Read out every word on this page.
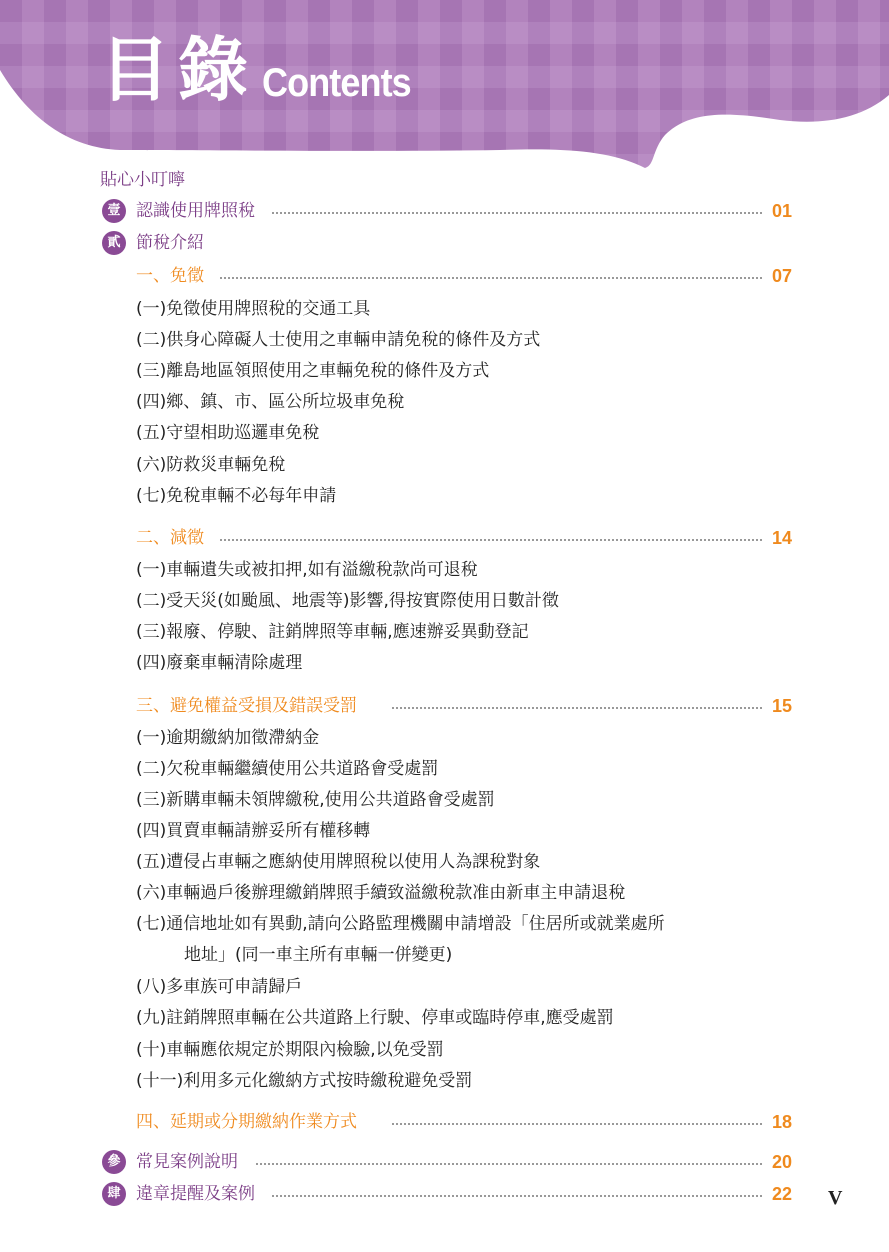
目錄 Contents
貼心小叮嚀
壹 認識使用牌照稅	01
貳 節稅介紹
一、免徵	07
(一)免徵使用牌照稅的交通工具
(二)供身心障礙人士使用之車輛申請免稅的條件及方式
(三)離島地區領照使用之車輛免稅的條件及方式
(四)鄉、鎮、市、區公所垃圾車免稅
(五)守望相助巡邏車免稅
(六)防救災車輛免稅
(七)免稅車輛不必每年申請
二、減徵	14
(一)車輛遺失或被扣押,如有溢繳稅款尚可退稅
(二)受天災(如颱風、地震等)影響,得按實際使用日數計徵
(三)報廢、停駛、註銷牌照等車輛,應速辦妥異動登記
(四)廢棄車輛清除處理
三、避免權益受損及錯誤受罰	15
(一)逾期繳納加徵滯納金
(二)欠稅車輛繼續使用公共道路會受處罰
(三)新購車輛未領牌繳稅,使用公共道路會受處罰
(四)買賣車輛請辦妥所有權移轉
(五)遭侵占車輛之應納使用牌照稅以使用人為課稅對象
(六)車輛過戶後辦理繳銷牌照手續致溢繳稅款准由新車主申請退稅
(七)通信地址如有異動,請向公路監理機關申請增設「住居所或就業處所
地址」(同一車主所有車輛一併變更)
(八)多車族可申請歸戶
(九)註銷牌照車輛在公共道路上行駛、停車或臨時停車,應受處罰
(十)車輛應依規定於期限內檢驗,以免受罰
(十一)利用多元化繳納方式按時繳稅避免受罰
四、延期或分期繳納作業方式	18
參 常見案例說明	20
肆 違章提醒及案例	22	V
